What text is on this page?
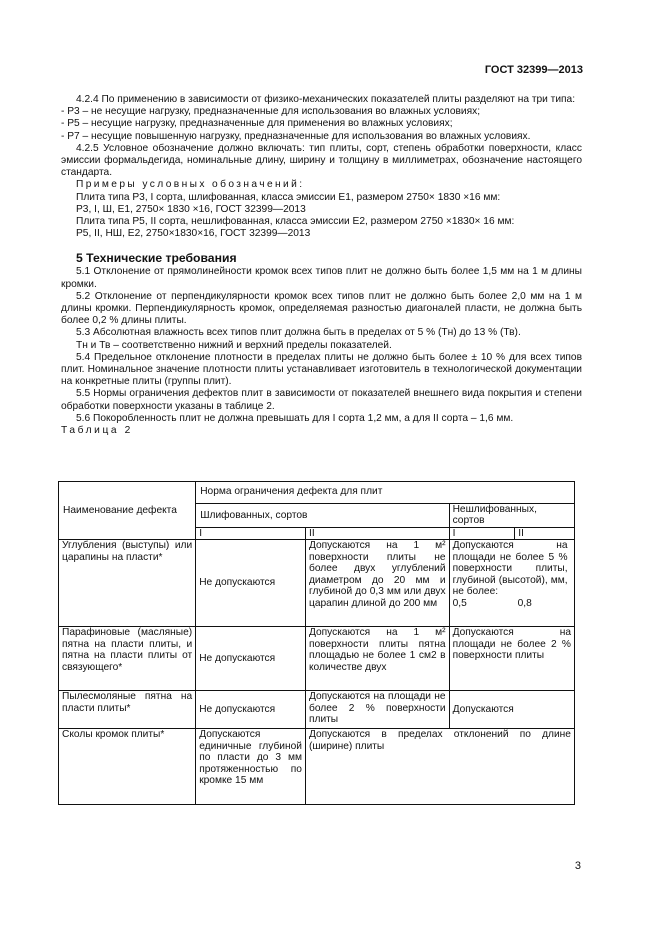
ГОСТ 32399—2013

4.2.4 По применению в зависимости от физико-механических показателей плиты разделяют на три типа:

- Р3 – не несущие нагрузку, предназначенные для использования во влажных условиях;

- Р5 – несущие нагрузку, предназначенные для применения во влажных условиях;

- Р7 – несущие повышенную нагрузку, предназначенные для использования во влажных условиях.

4.2.5 Условное обозначение должно включать: тип плиты, сорт, степень обработки поверхности, класс эмиссии формальдегида, номинальные длину, ширину и толщину в миллиметрах, обозначение настоящего стандарта.

Примеры условных обозначений:

Плита типа Р3, I сорта, шлифованная, класса эмиссии Е1, размером 2750× 1830 ×16 мм:

Р3, I, Ш, Е1, 2750× 1830 ×16, ГОСТ 32399—2013

Плита типа Р5, II сорта, нешлифованная, класса эмиссии Е2, размером 2750 ×1830× 16 мм:

Р5, II, НШ, Е2, 2750×1830×16, ГОСТ 32399—2013

5 Технические требования

5.1 Отклонение от прямолинейности кромок всех типов плит не должно быть более 1,5 мм на 1 м длины кромки.

5.2 Отклонение от перпендикулярности кромок всех типов плит не должно быть более 2,0 мм на 1 м длины кромки. Перпендикулярность кромок, определяемая разностью диагоналей пласти, не должна быть более 0,2 % длины плиты.

5.3 Абсолютная влажность всех типов плит должна быть в пределах от 5 % (Тн) до 13 % (Тв).

Тн и Тв – соответственно нижний и верхний пределы показателей.

5.4 Предельное отклонение плотности в пределах плиты не должно быть более ± 10 % для всех типов плит. Номинальное значение плотности плиты устанавливает изготовитель в технологической документации на конкретные плиты (группы плит).

5.5 Нормы ограничения дефектов плит в зависимости от показателей внешнего вида покрытия и степени обработки поверхности указаны в таблице 2.

5.6 Покоробленность плит не должна превышать для I сорта 1,2 мм, а для II сорта – 1,6 мм.

Таблица 2

Наименование дефекта	Норма ограничения дефекта для плит			
	Шлифованных, сортов		Нешлифованных, сортов	
	I	II	I	II
Углубления (выступы) или царапины на пласти*	Не допускаются	Допускаются на 1 м² поверхности плиты не более двух углублений диаметром до 20 мм и глубиной до 0,3 мм или двух царапин длиной до 200 мм	Допускаются на площади не более 5 % поверхности плиты, глубиной (высотой), мм, не более:
0,5 0,8	

Парафиновые (масляные) пятна на пласти плиты, и пятна на пласти плиты от связующего*	Не допускаются	Допускаются на 1 м² поверхности плиты пятна площадью не более 1 см2 в количестве двух	Допускаются на площади не более 2 % поверхности плиты	
Пылесмоляные пятна на пласти плиты*	Не допускаются	Допускаются на площади не более 2 % поверхности плиты	Допускаются	
Сколы кромок плиты*	Допускаются единичные глубиной по пласти до 3 мм протяженностью по кромке 15 мм	Допускаются в пределах отклонений по длине (ширине) плиты		
3
